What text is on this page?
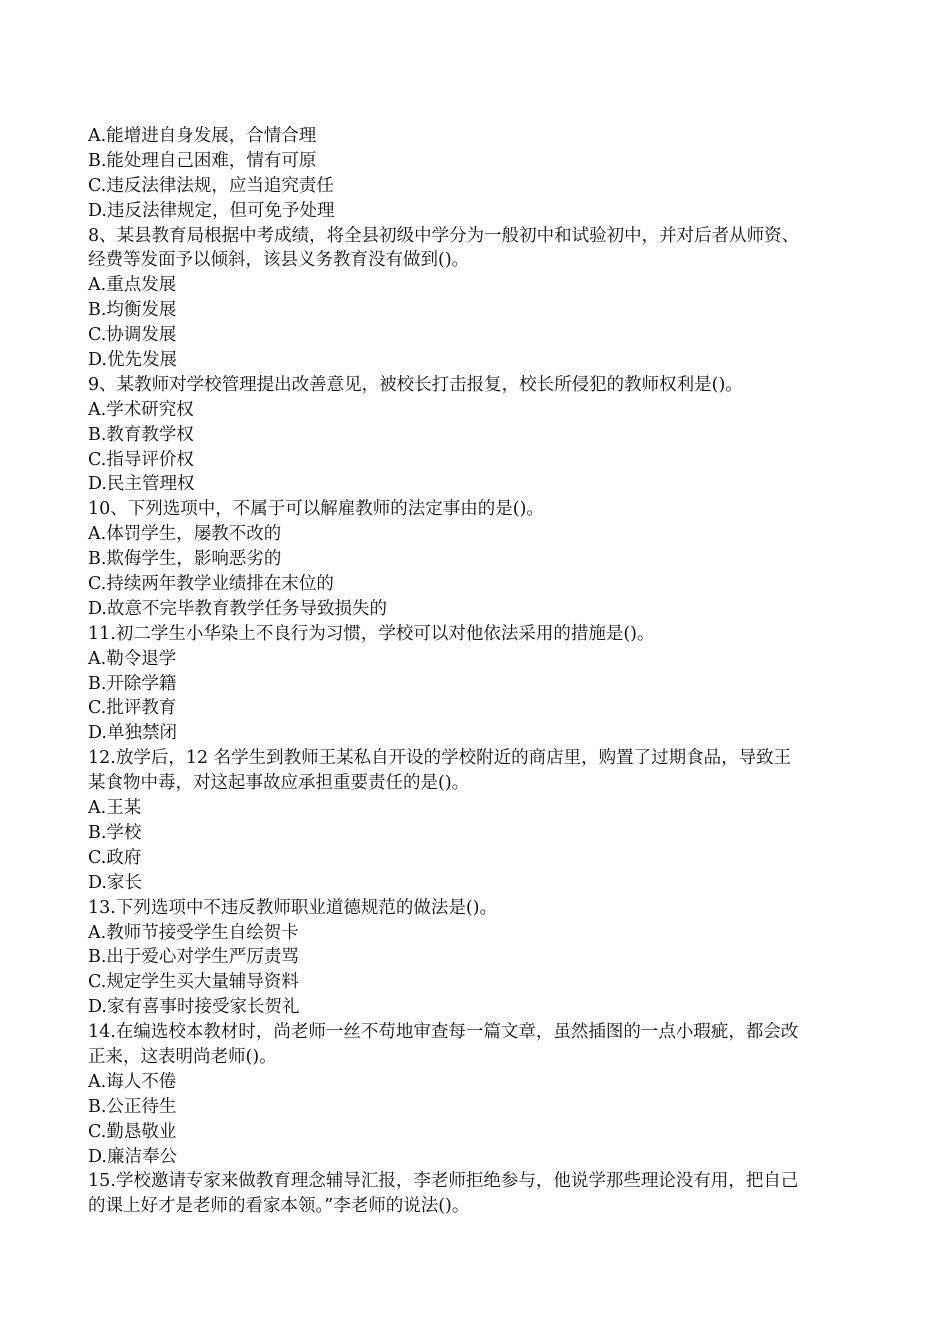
A.能增进自身发展，合情合理

B.能处理自己困难，情有可原

C.违反法律法规，应当追究责任

D.违反法律规定，但可免予处理

8、某县教育局根据中考成绩，将全县初级中学分为一般初中和试验初中，并对后者从师资、

经费等发面予以倾斜，该县义务教育没有做到()。

A.重点发展

B.均衡发展

C.协调发展

D.优先发展

9、某教师对学校管理提出改善意见，被校长打击报复，校长所侵犯的教师权利是()。

A.学术研究权

B.教育教学权

C.指导评价权

D.民主管理权

10、下列选项中，不属于可以解雇教师的法定事由的是()。

A.体罚学生，屡教不改的

B.欺侮学生，影响恶劣的

C.持续两年教学业绩排在末位的

D.故意不完毕教育教学任务导致损失的

11.初二学生小华染上不良行为习惯，学校可以对他依法采用的措施是()。

A.勒令退学

B.开除学籍

C.批评教育

D.单独禁闭

12.放学后，12 名学生到教师王某私自开设的学校附近的商店里，购置了过期食品，导致王

某食物中毒，对这起事故应承担重要责任的是()。

A.王某

B.学校

C.政府

D.家长

13.下列选项中不违反教师职业道德规范的做法是()。

A.教师节接受学生自绘贺卡

B.出于爱心对学生严厉责骂

C.规定学生买大量辅导资料

D.家有喜事时接受家长贺礼

14.在编选校本教材时，尚老师一丝不苟地审查每一篇文章，虽然插图的一点小瑕疵，都会改

正来，这表明尚老师()。

A.诲人不倦

B.公正待生

C.勤恳敬业

D.廉洁奉公

15.学校邀请专家来做教育理念辅导汇报，李老师拒绝参与，他说学那些理论没有用，把自己

的课上好才是老师的看家本领。”李老师的说法()。
